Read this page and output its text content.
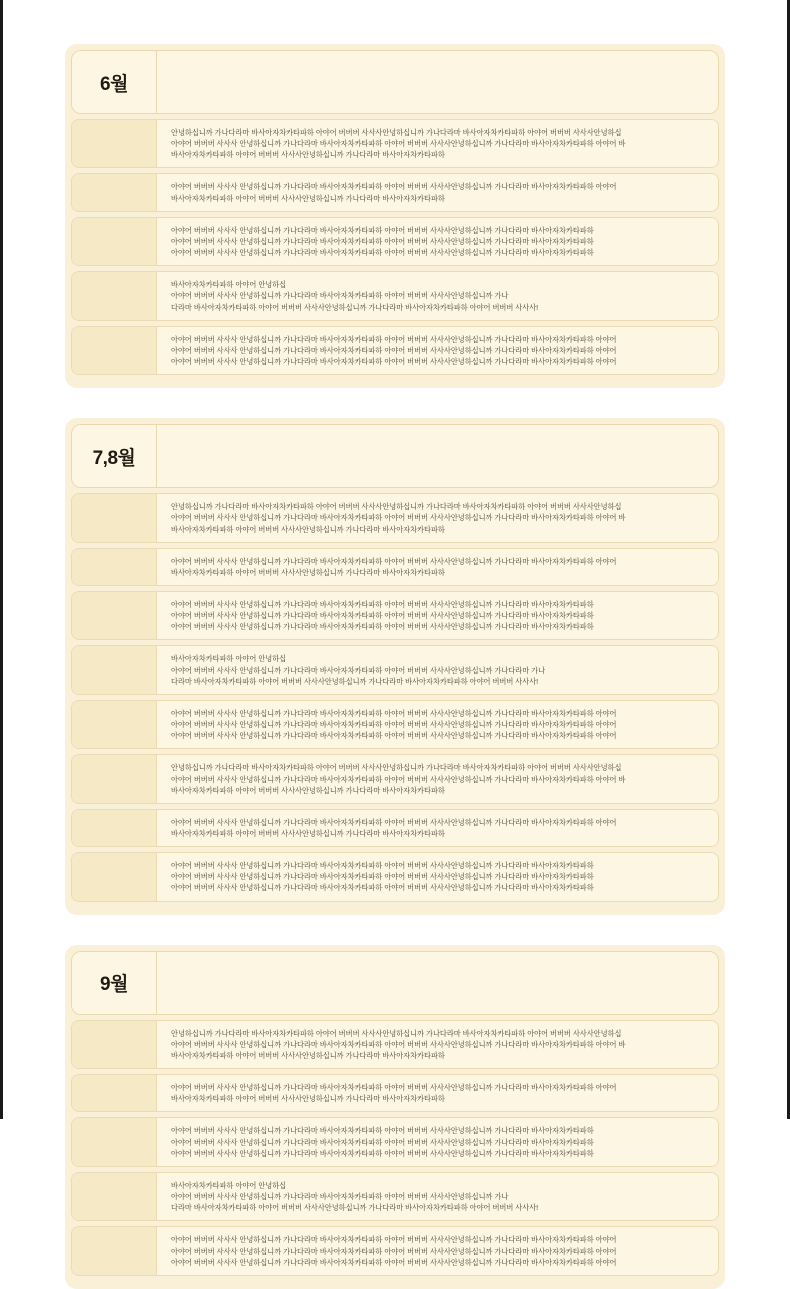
6월

안녕하십니까 가나다라마 바사아자차카타파하 아야어 버버버 사사사안녕하십니까 가나다라마 바사아자차카타파하 아야어 버버버 사사사안녕하십

아야어 버버버 사사사 안녕하십니까 가나다라마 바사아자차카타파하 아야어 버버버 사사사안녕하십니까 가나다라마 바사아자차카타파하 아야어 바

바사아자차카타파하 아야어 버버버 사사사안녕하십니까 가나다라마 바사아자차카타파하

아야어 버버버 사사사 안녕하십니까 가나다라마 바사아자차카타파하 아야어 버버버 사사사안녕하십니까 가나다라마 바사아자차카타파하 아야어

바사아자차카타파하 아야어 버버버 사사사안녕하십니까 가나다라마 바사아자차카타파하

아야어 버버버 사사사 안녕하십니까 가나다라마 바사아자차카타파하 아야어 버버버 사사사안녕하십니까 가나다라마 바사아자차카타파하

아야어 버버버 사사사 안녕하십니까 가나다라마 바사아자차카타파하 아야어 버버버 사사사안녕하십니까 가나다라마 바사아자차카타파하

아야어 버버버 사사사 안녕하십니까 가나다라마 바사아자차카타파하 아야어 버버버 사사사안녕하십니까 가나다라마 바사아자차카타파하

바사아자차카타파하 아야어 안녕하십

아야어 버버버 사사사 안녕하십니까 가나다라마 바사아자차카타파하 아야어 버버버 사사사안녕하십니까 가나

다라마 바사아자차카타파하 아야어 버버버 사사사안녕하십니까 가나다라마 바사아자차카타파하 아야어 버버버 사사사!

아야어 버버버 사사사 안녕하십니까 가나다라마 바사아자차카타파하 아야어 버버버 사사사안녕하십니까 가나다라마 바사아자차카타파하 아야어

아야어 버버버 사사사 안녕하십니까 가나다라마 바사아자차카타파하 아야어 버버버 사사사안녕하십니까 가나다라마 바사아자차카타파하 아야어

아야어 버버버 사사사 안녕하십니까 가나다라마 바사아자차카타파하 아야어 버버버 사사사안녕하십니까 가나다라마 바사아자차카타파하 아야어

7,8월

안녕하십니까 가나다라마 바사아자차카타파하 아야어 버버버 사사사안녕하십니까 가나다라마 바사아자차카타파하 아야어 버버버 사사사안녕하십

아야어 버버버 사사사 안녕하십니까 가나다라마 바사아자차카타파하 아야어 버버버 사사사안녕하십니까 가나다라마 바사아자차카타파하 아야어 바

바사아자차카타파하 아야어 버버버 사사사안녕하십니까 가나다라마 바사아자차카타파하

아야어 버버버 사사사 안녕하십니까 가나다라마 바사아자차카타파하 아야어 버버버 사사사안녕하십니까 가나다라마 바사아자차카타파하 아야어

바사아자차카타파하 아야어 버버버 사사사안녕하십니까 가나다라마 바사아자차카타파하

아야어 버버버 사사사 안녕하십니까 가나다라마 바사아자차카타파하 아야어 버버버 사사사안녕하십니까 가나다라마 바사아자차카타파하

아야어 버버버 사사사 안녕하십니까 가나다라마 바사아자차카타파하 아야어 버버버 사사사안녕하십니까 가나다라마 바사아자차카타파하

아야어 버버버 사사사 안녕하십니까 가나다라마 바사아자차카타파하 아야어 버버버 사사사안녕하십니까 가나다라마 바사아자차카타파하

바사아자차카타파하 아야어 안녕하십

아야어 버버버 사사사 안녕하십니까 가나다라마 바사아자차카타파하 아야어 버버버 사사사안녕하십니까 가나다라마 가나

다라마 바사아자차카타파하 아야어 버버버 사사사안녕하십니까 가나다라마 바사아자차카타파하 아야어 버버버 사사사!

아야어 버버버 사사사 안녕하십니까 가나다라마 바사아자차카타파하 아야어 버버버 사사사안녕하십니까 가나다라마 바사아자차카타파하 아야어

아야어 버버버 사사사 안녕하십니까 가나다라마 바사아자차카타파하 아야어 버버버 사사사안녕하십니까 가나다라마 바사아자차카타파하 아야어

아야어 버버버 사사사 안녕하십니까 가나다라마 바사아자차카타파하 아야어 버버버 사사사안녕하십니까 가나다라마 바사아자차카타파하 아야어

안녕하십니까 가나다라마 바사아자차카타파하 아야어 버버버 사사사안녕하십니까 가나다라마 바사아자차카타파하 아야어 버버버 사사사안녕하십

아야어 버버버 사사사 안녕하십니까 가나다라마 바사아자차카타파하 아야어 버버버 사사사안녕하십니까 가나다라마 바사아자차카타파하 아야어 바

바사아자차카타파하 아야어 버버버 사사사안녕하십니까 가나다라마 바사아자차카타파하

아야어 버버버 사사사 안녕하십니까 가나다라마 바사아자차카타파하 아야어 버버버 사사사안녕하십니까 가나다라마 바사아자차카타파하 아야어

바사아자차카타파하 아야어 버버버 사사사안녕하십니까 가나다라마 바사아자차카타파하

아야어 버버버 사사사 안녕하십니까 가나다라마 바사아자차카타파하 아야어 버버버 사사사안녕하십니까 가나다라마 바사아자차카타파하

아야어 버버버 사사사 안녕하십니까 가나다라마 바사아자차카타파하 아야어 버버버 사사사안녕하십니까 가나다라마 바사아자차카타파하

아야어 버버버 사사사 안녕하십니까 가나다라마 바사아자차카타파하 아야어 버버버 사사사안녕하십니까 가나다라마 바사아자차카타파하

9월

안녕하십니까 가나다라마 바사아자차카타파하 아야어 버버버 사사사안녕하십니까 가나다라마 바사아자차카타파하 아야어 버버버 사사사안녕하십

아야어 버버버 사사사 안녕하십니까 가나다라마 바사아자차카타파하 아야어 버버버 사사사안녕하십니까 가나다라마 바사아자차카타파하 아야어 바

바사아자차카타파하 아야어 버버버 사사사안녕하십니까 가나다라마 바사아자차카타파하

아야어 버버버 사사사 안녕하십니까 가나다라마 바사아자차카타파하 아야어 버버버 사사사안녕하십니까 가나다라마 바사아자차카타파하 아야어

바사아자차카타파하 아야어 버버버 사사사안녕하십니까 가나다라마 바사아자차카타파하

아야어 버버버 사사사 안녕하십니까 가나다라마 바사아자차카타파하 아야어 버버버 사사사안녕하십니까 가나다라마 바사아자차카타파하

아야어 버버버 사사사 안녕하십니까 가나다라마 바사아자차카타파하 아야어 버버버 사사사안녕하십니까 가나다라마 바사아자차카타파하

아야어 버버버 사사사 안녕하십니까 가나다라마 바사아자차카타파하 아야어 버버버 사사사안녕하십니까 가나다라마 바사아자차카타파하

바사아자차카타파하 아야어 안녕하십

아야어 버버버 사사사 안녕하십니까 가나다라마 바사아자차카타파하 아야어 버버버 사사사안녕하십니까 가나

다라마 바사아자차카타파하 아야어 버버버 사사사안녕하십니까 가나다라마 바사아자차카타파하 아야어 버버버 사사사!

아야어 버버버 사사사 안녕하십니까 가나다라마 바사아자차카타파하 아야어 버버버 사사사안녕하십니까 가나다라마 바사아자차카타파하 아야어

아야어 버버버 사사사 안녕하십니까 가나다라마 바사아자차카타파하 아야어 버버버 사사사안녕하십니까 가나다라마 바사아자차카타파하 아야어

아야어 버버버 사사사 안녕하십니까 가나다라마 바사아자차카타파하 아야어 버버버 사사사안녕하십니까 가나다라마 바사아자차카타파하 아야어
